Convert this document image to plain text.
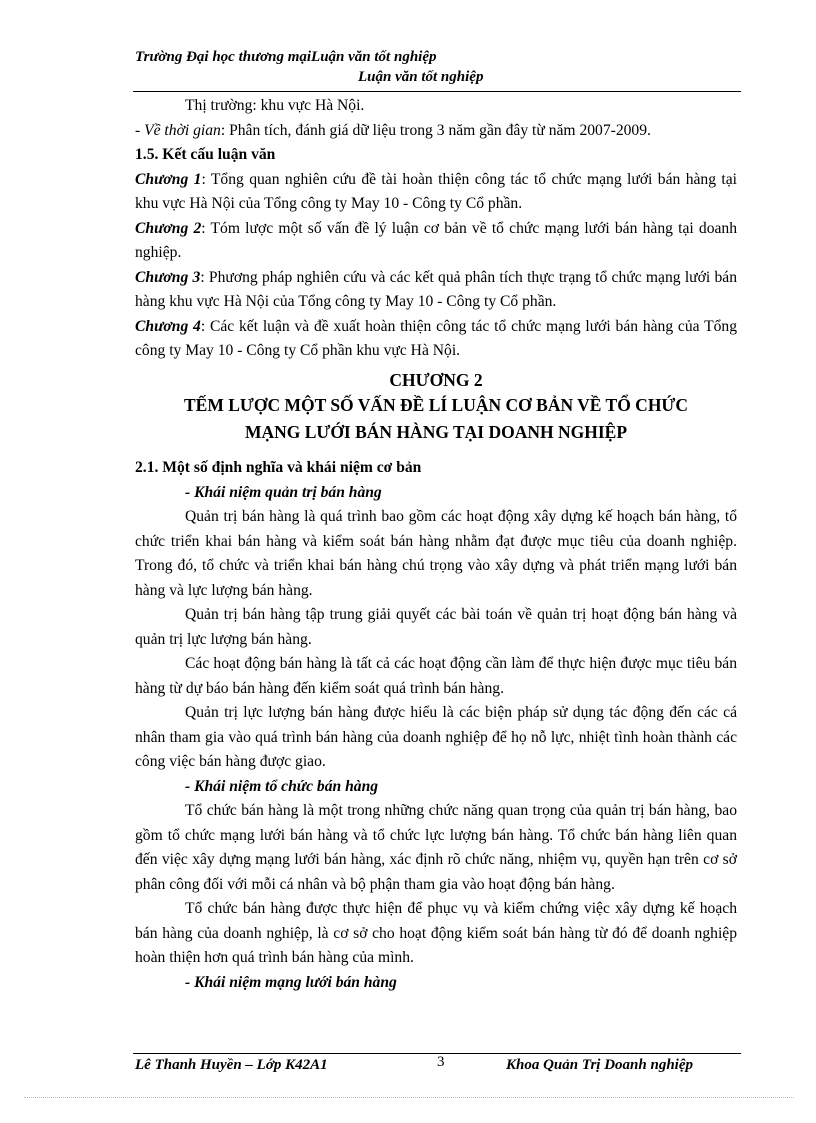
Trường Đại học thương mạiLuận văn tốt nghiệp
Luận văn tốt nghiệp

Thị trường: khu vực Hà Nội.

- Về thời gian: Phân tích, đánh giá dữ liệu trong 3 năm gần đây từ năm 2007-2009.

1.5. Kết cấu luận văn

Chương 1: Tổng quan nghiên cứu đề tài hoàn thiện công tác tổ chức mạng lưới bán hàng tại khu vực Hà Nội của Tổng công ty May 10 - Công ty Cổ phần.

Chương 2: Tóm lược một số vấn đề lý luận cơ bản về tổ chức mạng lưới bán hàng tại doanh nghiệp.

Chương 3: Phương pháp nghiên cứu và các kết quả phân tích thực trạng tổ chức mạng lưới bán hàng khu vực Hà Nội của Tổng công ty May 10 - Công ty Cổ phần.

Chương 4: Các kết luận và đề xuất hoàn thiện công tác tổ chức mạng lưới bán hàng của Tổng công ty May 10 - Công ty Cổ phần khu vực Hà Nội.

CHƯƠNG 2

TẾM LƯỢC MỘT SỐ VẤN ĐỀ LÍ LUẬN CƠ BẢN VỀ TỔ CHỨC

MẠNG LƯỚI BÁN HÀNG TẠI DOANH NGHIỆP

2.1. Một số định nghĩa và khái niệm cơ bản

- Khái niệm quản trị bán hàng

Quản trị bán hàng là quá trình bao gồm các hoạt động xây dựng kế hoạch bán hàng, tổ chức triển khai bán hàng và kiểm soát bán hàng nhằm đạt được mục tiêu của doanh nghiệp. Trong đó, tổ chức và triển khai bán hàng chú trọng vào xây dựng và phát triển mạng lưới bán hàng và lực lượng bán hàng.

Quản trị bán hàng tập trung giải quyết các bài toán về quản trị hoạt động bán hàng và quản trị lực lượng bán hàng.

Các hoạt động bán hàng là tất cả các hoạt động cần làm để thực hiện được mục tiêu bán hàng từ dự báo bán hàng đến kiểm soát quá trình bán hàng.

Quản trị lực lượng bán hàng được hiểu là các biện pháp sử dụng tác động đến các cá nhân tham gia vào quá trình bán hàng của doanh nghiệp để họ nỗ lực, nhiệt tình hoàn thành các công việc bán hàng được giao.

- Khái niệm tổ chức bán hàng

Tổ chức bán hàng là một trong những chức năng quan trọng của quản trị bán hàng, bao gồm tổ chức mạng lưới bán hàng và tổ chức lực lượng bán hàng. Tổ chức bán hàng liên quan đến việc xây dựng mạng lưới bán hàng, xác định rõ chức năng, nhiệm vụ, quyền hạn trên cơ sở phân công đối với mỗi cá nhân và bộ phận tham gia vào hoạt động bán hàng.

Tổ chức bán hàng được thực hiện để phục vụ và kiểm chứng việc xây dựng kế hoạch bán hàng của doanh nghiệp, là cơ sở cho hoạt động kiểm soát bán hàng từ đó để doanh nghiệp hoàn thiện hơn quá trình bán hàng của mình.

- Khái niệm mạng lưới bán hàng

Lê Thanh Huyền – Lớp K42A1	3	Khoa Quản Trị Doanh nghiệp
